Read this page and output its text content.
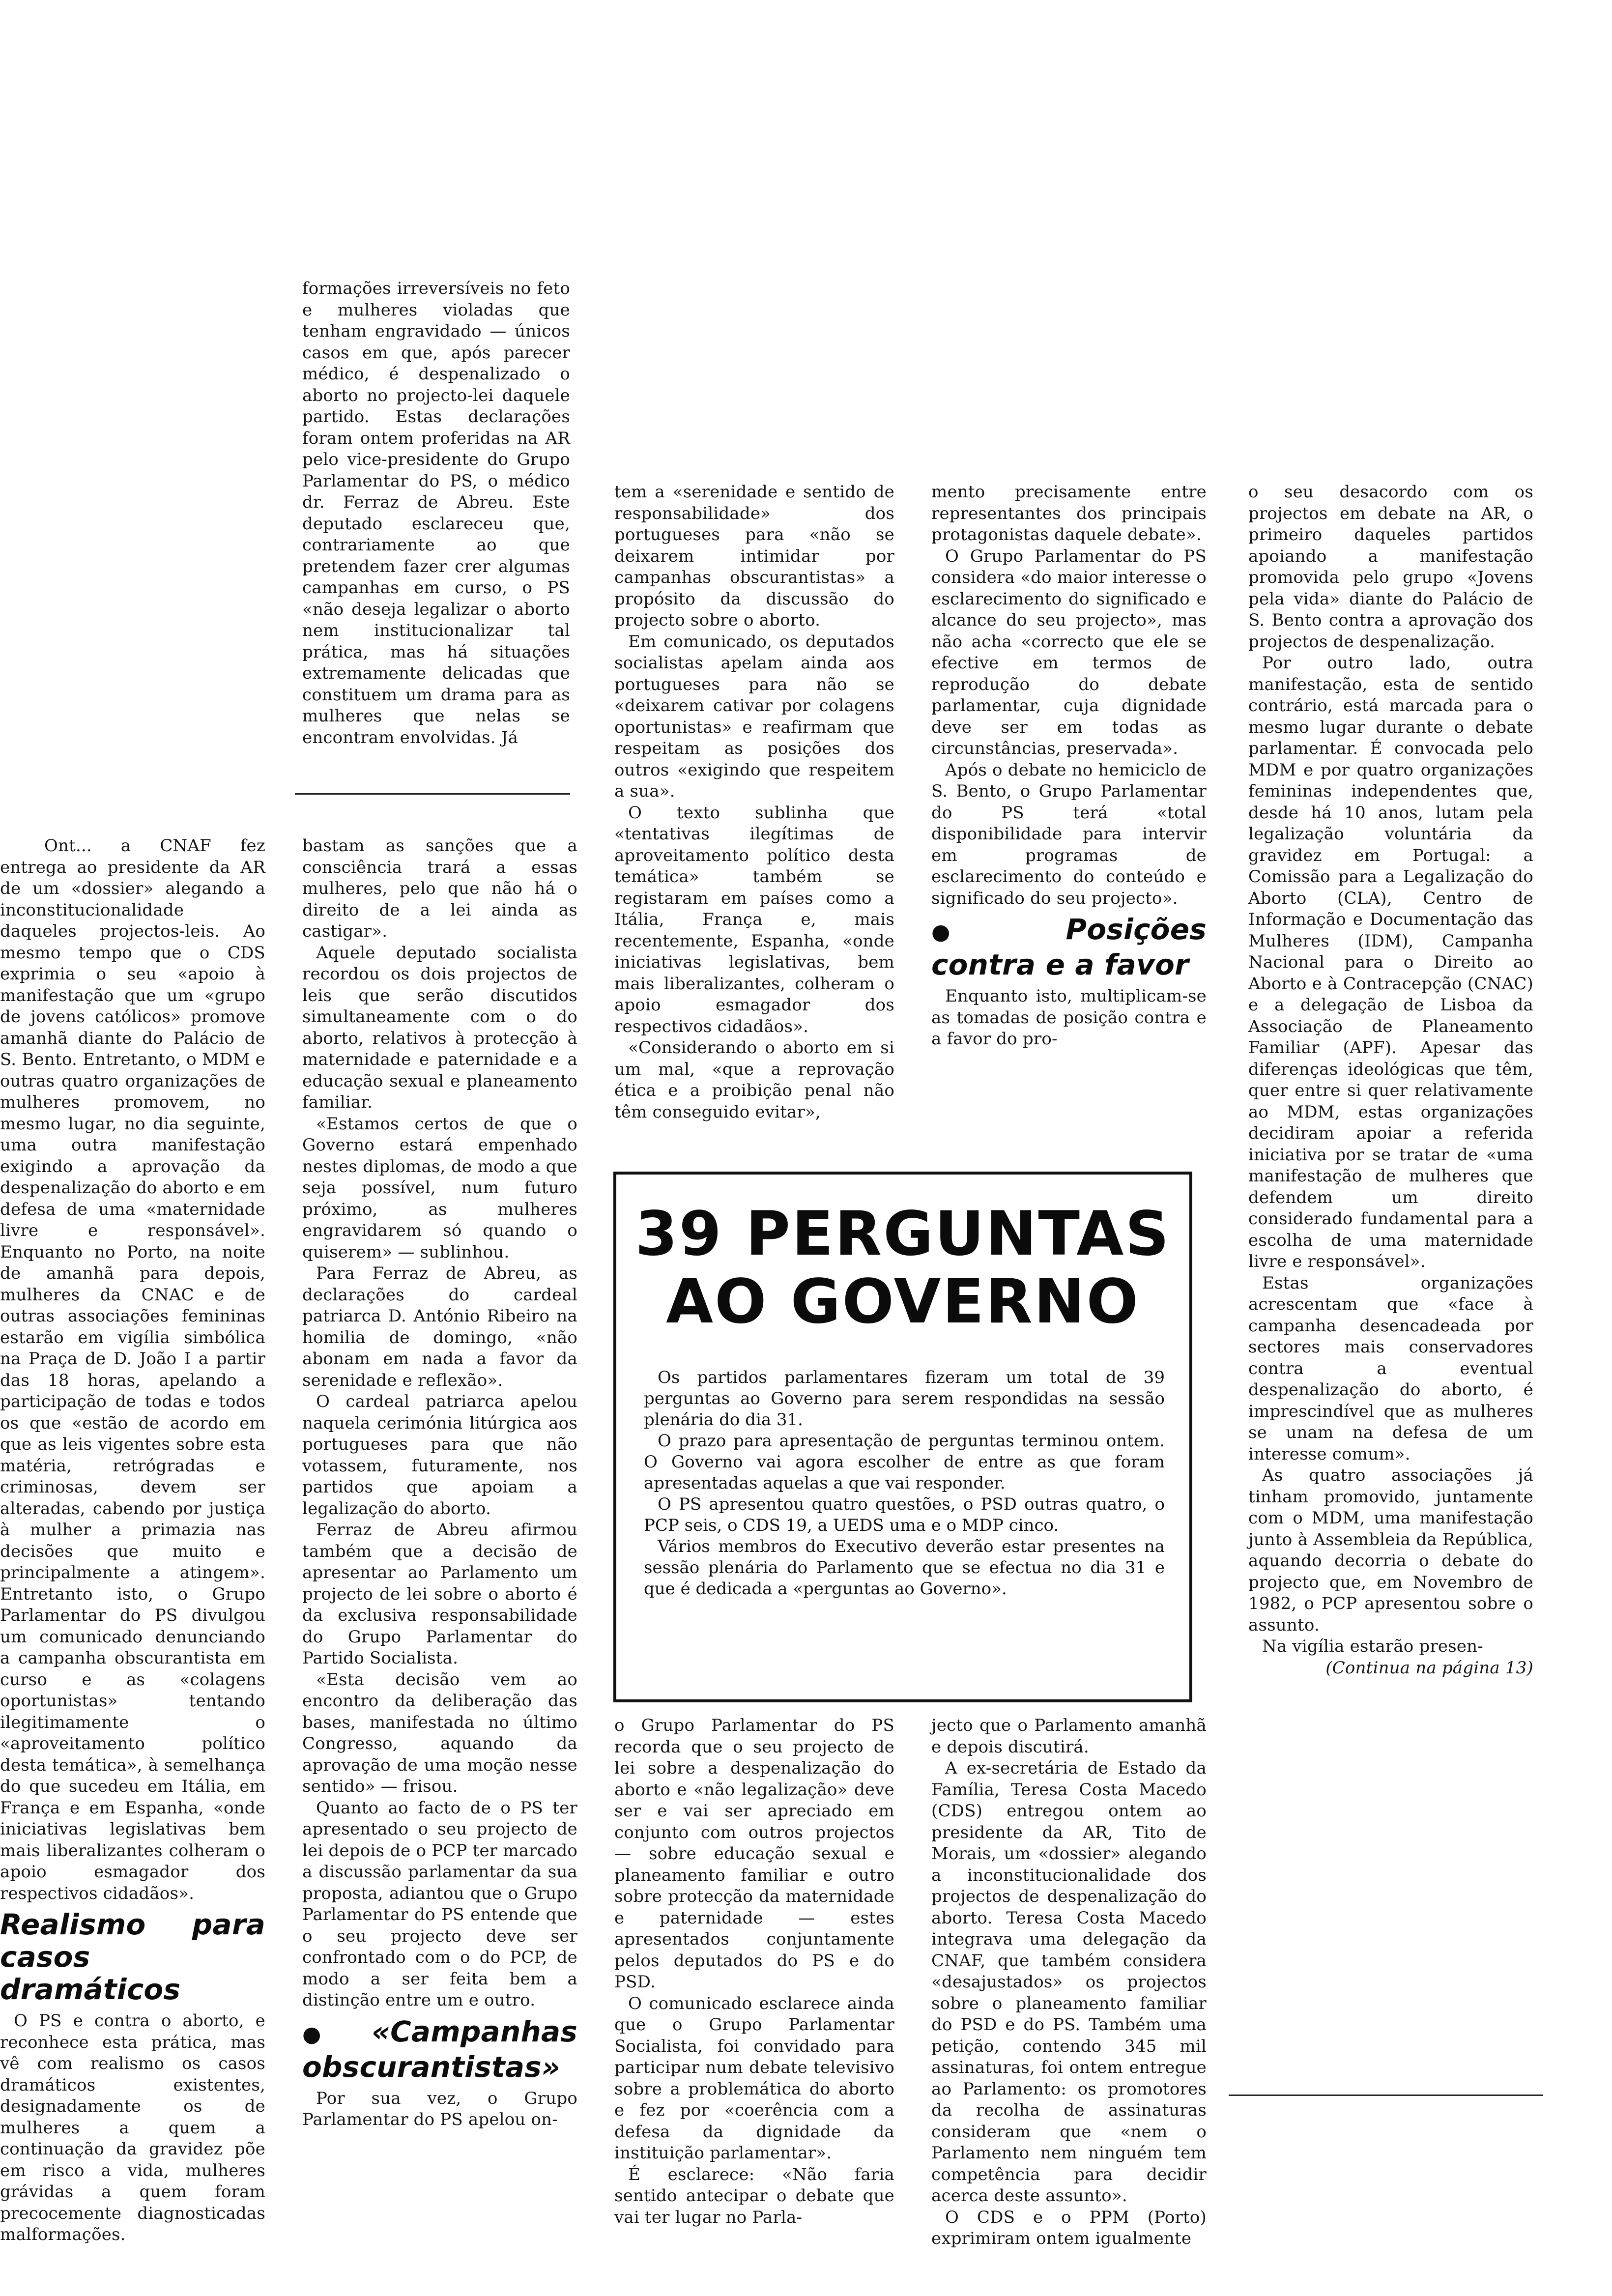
formações irreversíveis no feto e mulheres violadas que tenham engravidado — únicos casos em que, após parecer médico, é despenalizado o aborto no projecto-lei daquele partido. Estas declarações foram ontem proferidas na AR pelo vice-presidente do Grupo Parlamentar do PS, o médico dr. Ferraz de Abreu. Este deputado esclareceu que, contrariamente ao que pretendem fazer crer algumas campanhas em curso, o PS «não deseja legalizar o aborto nem institucionalizar tal prática, mas há situações extremamente delicadas que constituem um drama para as mulheres que nelas se encontram envolvidas. Já

Ont... a CNAF fez entrega ao presidente da AR de um «dossier» alegando a inconstitucionalidade daqueles projectos-leis. Ao mesmo tempo que o CDS exprimia o seu «apoio à manifestação que um «grupo de jovens católicos» promove amanhã diante do Palácio de S. Bento. Entretanto, o MDM e outras quatro organizações de mulheres promovem, no mesmo lugar, no dia seguinte, uma outra manifestação exigindo a aprovação da despenalização do aborto e em defesa de uma «maternidade livre e responsável». Enquanto no Porto, na noite de amanhã para depois, mulheres da CNAC e de outras associações femininas estarão em vigília simbólica na Praça de D. João I a partir das 18 horas, apelando a participação de todas e todos os que «estão de acordo em que as leis vigentes sobre esta matéria, retrógradas e criminosas, devem ser alteradas, cabendo por justiça à mulher a primazia nas decisões que muito e principalmente a atingem». Entretanto isto, o Grupo Parlamentar do PS divulgou um comunicado denunciando a campanha obscurantista em curso e as «colagens oportunistas» tentando ilegitimamente o «aproveitamento político desta temática», à semelhança do que sucedeu em Itália, em França e em Espanha, «onde iniciativas legislativas bem mais liberalizantes colheram o apoio esmagador dos respectivos cidadãos».

Realismo para casos dramáticos

O PS e contra o aborto, e reconhece esta prática, mas vê com realismo os casos dramáticos existentes, designadamente os de mulheres a quem a continuação da gravidez põe em risco a vida, mulheres grávidas a quem foram precocemente diagnosticadas malformações.

bastam as sanções que a consciência trará a essas mulheres, pelo que não há o direito de a lei ainda as castigar».

Aquele deputado socialista recordou os dois projectos de leis que serão discutidos simultaneamente com o do aborto, relativos à protecção à maternidade e paternidade e a educação sexual e planeamento familiar.

«Estamos certos de que o Governo estará empenhado nestes diplomas, de modo a que seja possível, num futuro próximo, as mulheres engravidarem só quando o quiserem» — sublinhou.

Para Ferraz de Abreu, as declarações do cardeal patriarca D. António Ribeiro na homilia de domingo, «não abonam em nada a favor da serenidade e reflexão».

O cardeal patriarca apelou naquela cerimónia litúrgica aos portugueses para que não votassem, futuramente, nos partidos que apoiam a legalização do aborto.

Ferraz de Abreu afirmou também que a decisão de apresentar ao Parlamento um projecto de lei sobre o aborto é da exclusiva responsabilidade do Grupo Parlamentar do Partido Socialista.

«Esta decisão vem ao encontro da deliberação das bases, manifestada no último Congresso, aquando da aprovação de uma moção nesse sentido» — frisou.

Quanto ao facto de o PS ter apresentado o seu projecto de lei depois de o PCP ter marcado a discussão parlamentar da sua proposta, adiantou que o Grupo Parlamentar do PS entende que o seu projecto deve ser confrontado com o do PCP, de modo a ser feita bem a distinção entre um e outro.

● «Campanhas obscurantistas»

Por sua vez, o Grupo Parlamentar do PS apelou on-

tem a «serenidade e sentido de responsabilidade» dos portugueses para «não se deixarem intimidar por campanhas obscurantistas» a propósito da discussão do projecto sobre o aborto.

Em comunicado, os deputados socialistas apelam ainda aos portugueses para não se «deixarem cativar por colagens oportunistas» e reafirmam que respeitam as posições dos outros «exigindo que respeitem a sua».

O texto sublinha que «tentativas ilegítimas de aproveitamento político desta temática» também se registaram em países como a Itália, França e, mais recentemente, Espanha, «onde iniciativas legislativas, bem mais liberalizantes, colheram o apoio esmagador dos respectivos cidadãos».

«Considerando o aborto em si um mal, «que a reprovação ética e a proibição penal não têm conseguido evitar»,

mento precisamente entre representantes dos principais protagonistas daquele debate».

O Grupo Parlamentar do PS considera «do maior interesse o esclarecimento do significado e alcance do seu projecto», mas não acha «correcto que ele se efective em termos de reprodução do debate parlamentar, cuja dignidade deve ser em todas as circunstâncias, preservada».

Após o debate no hemiciclo de S. Bento, o Grupo Parlamentar do PS terá «total disponibilidade para intervir em programas de esclarecimento do conteúdo e significado do seu projecto».

● Posições contra e a favor

Enquanto isto, multiplicam-se as tomadas de posição contra e a favor do pro-

39 PERGUNTAS
AO GOVERNO

Os partidos parlamentares fizeram um total de 39 perguntas ao Governo para serem respondidas na sessão plenária do dia 31.

O prazo para apresentação de perguntas terminou ontem. O Governo vai agora escolher de entre as que foram apresentadas aquelas a que vai responder.

O PS apresentou quatro questões, o PSD outras quatro, o PCP seis, o CDS 19, a UEDS uma e o MDP cinco.

Vários membros do Executivo deverão estar presentes na sessão plenária do Parlamento que se efectua no dia 31 e que é dedicada a «perguntas ao Governo».

o Grupo Parlamentar do PS recorda que o seu projecto de lei sobre a despenalização do aborto e «não legalização» deve ser e vai ser apreciado em conjunto com outros projectos — sobre educação sexual e planeamento familiar e outro sobre protecção da maternidade e paternidade — estes apresentados conjuntamente pelos deputados do PS e do PSD.

O comunicado esclarece ainda que o Grupo Parlamentar Socialista, foi convidado para participar num debate televisivo sobre a problemática do aborto e fez por «coerência com a defesa da dignidade da instituição parlamentar».

É esclarece: «Não faria sentido antecipar o debate que vai ter lugar no Parla-

jecto que o Parlamento amanhã e depois discutirá.

A ex-secretária de Estado da Família, Teresa Costa Macedo (CDS) entregou ontem ao presidente da AR, Tito de Morais, um «dossier» alegando a inconstitucionalidade dos projectos de despenalização do aborto. Teresa Costa Macedo integrava uma delegação da CNAF, que também considera «desajustados» os projectos sobre o planeamento familiar do PSD e do PS. Também uma petição, contendo 345 mil assinaturas, foi ontem entregue ao Parlamento: os promotores da recolha de assinaturas consideram que «nem o Parlamento nem ninguém tem competência para decidir acerca deste assunto».

O CDS e o PPM (Porto) exprimiram ontem igualmente

o seu desacordo com os projectos em debate na AR, o primeiro daqueles partidos apoiando a manifestação promovida pelo grupo «Jovens pela vida» diante do Palácio de S. Bento contra a aprovação dos projectos de despenalização.

Por outro lado, outra manifestação, esta de sentido contrário, está marcada para o mesmo lugar durante o debate parlamentar. É convocada pelo MDM e por quatro organizações femininas independentes que, desde há 10 anos, lutam pela legalização voluntária da gravidez em Portugal: a Comissão para a Legalização do Aborto (CLA), Centro de Informação e Documentação das Mulheres (IDM), Campanha Nacional para o Direito ao Aborto e à Contracepção (CNAC) e a delegação de Lisboa da Associação de Planeamento Familiar (APF). Apesar das diferenças ideológicas que têm, quer entre si quer relativamente ao MDM, estas organizações decidiram apoiar a referida iniciativa por se tratar de «uma manifestação de mulheres que defendem um direito considerado fundamental para a escolha de uma maternidade livre e responsável».

Estas organizações acrescentam que «face à campanha desencadeada por sectores mais conservadores contra a eventual despenalização do aborto, é imprescindível que as mulheres se unam na defesa de um interesse comum».

As quatro associações já tinham promovido, juntamente com o MDM, uma manifestação junto à Assembleia da República, aquando decorria o debate do projecto que, em Novembro de 1982, o PCP apresentou sobre o assunto.

Na vigília estarão presen-

(Continua na página 13)
